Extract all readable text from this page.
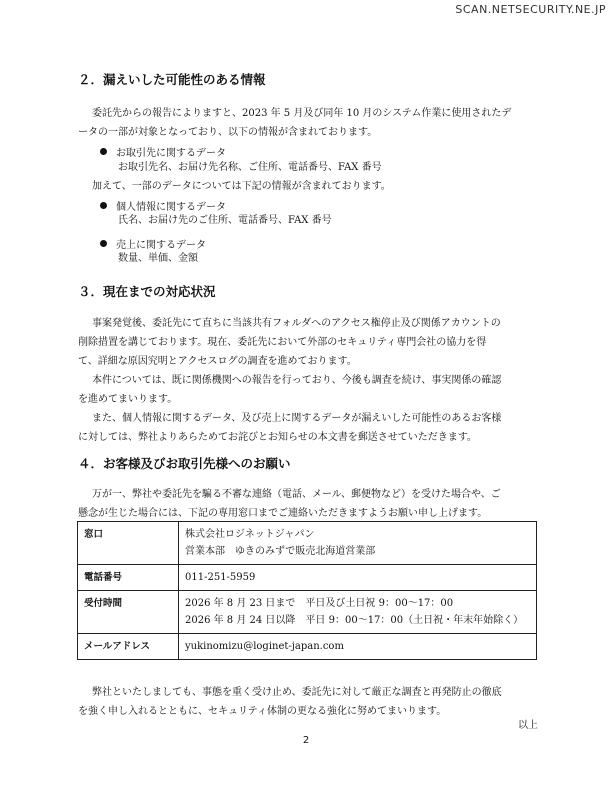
SCAN.NETSECURITY.NE.JP
２．漏えいした可能性のある情報
委託先からの報告によりますと、2023 年 5 月及び同年 10 月のシステム作業に使用されたデ
ータの一部が対象となっており、以下の情報が含まれております。
お取引先に関するデータ
お取引先名、お届け先名称、ご住所、電話番号、FAX 番号
加えて、一部のデータについては下記の情報が含まれております。
個人情報に関するデータ
氏名、お届け先のご住所、電話番号、FAX 番号
売上に関するデータ
数量、単価、金額
３．現在までの対応状況
事案発覚後、委託先にて直ちに当該共有フォルダへのアクセス権停止及び関係アカウントの
削除措置を講じております。現在、委託先において外部のセキュリティ専門会社の協力を得
て、詳細な原因究明とアクセスログの調査を進めております。
本件については、既に関係機関への報告を行っており、今後も調査を続け、事実関係の確認
を進めてまいります。
また、個人情報に関するデータ、及び売上に関するデータが漏えいした可能性のあるお客様
に対しては、弊社よりあらためてお詫びとお知らせの本文書を郵送させていただきます。
４．お客様及びお取引先様へのお願い
万が一、弊社や委託先を騙る不審な連絡（電話、メール、郵便物など）を受けた場合や、ご
懸念が生じた場合には、下記の専用窓口までご連絡いただきますようお願い申し上げます。
窓口	株式会社ロジネットジャパン
営業本部　ゆきのみずで販売北海道営業部

電話番号	011-251-5959

受付時間	2026 年 8 月 23 日まで　平日及び土日祝 9：00～17：00
2026 年 8 月 24 日以降　平日 9：00～17：00（土日祝・年末年始除く）

メールアドレス	yukinomizu@loginet-japan.com
弊社といたしましても、事態を重く受け止め、委託先に対して厳正な調査と再発防止の徹底
を強く申し入れるとともに、セキュリティ体制の更なる強化に努めてまいります。
以上
2
